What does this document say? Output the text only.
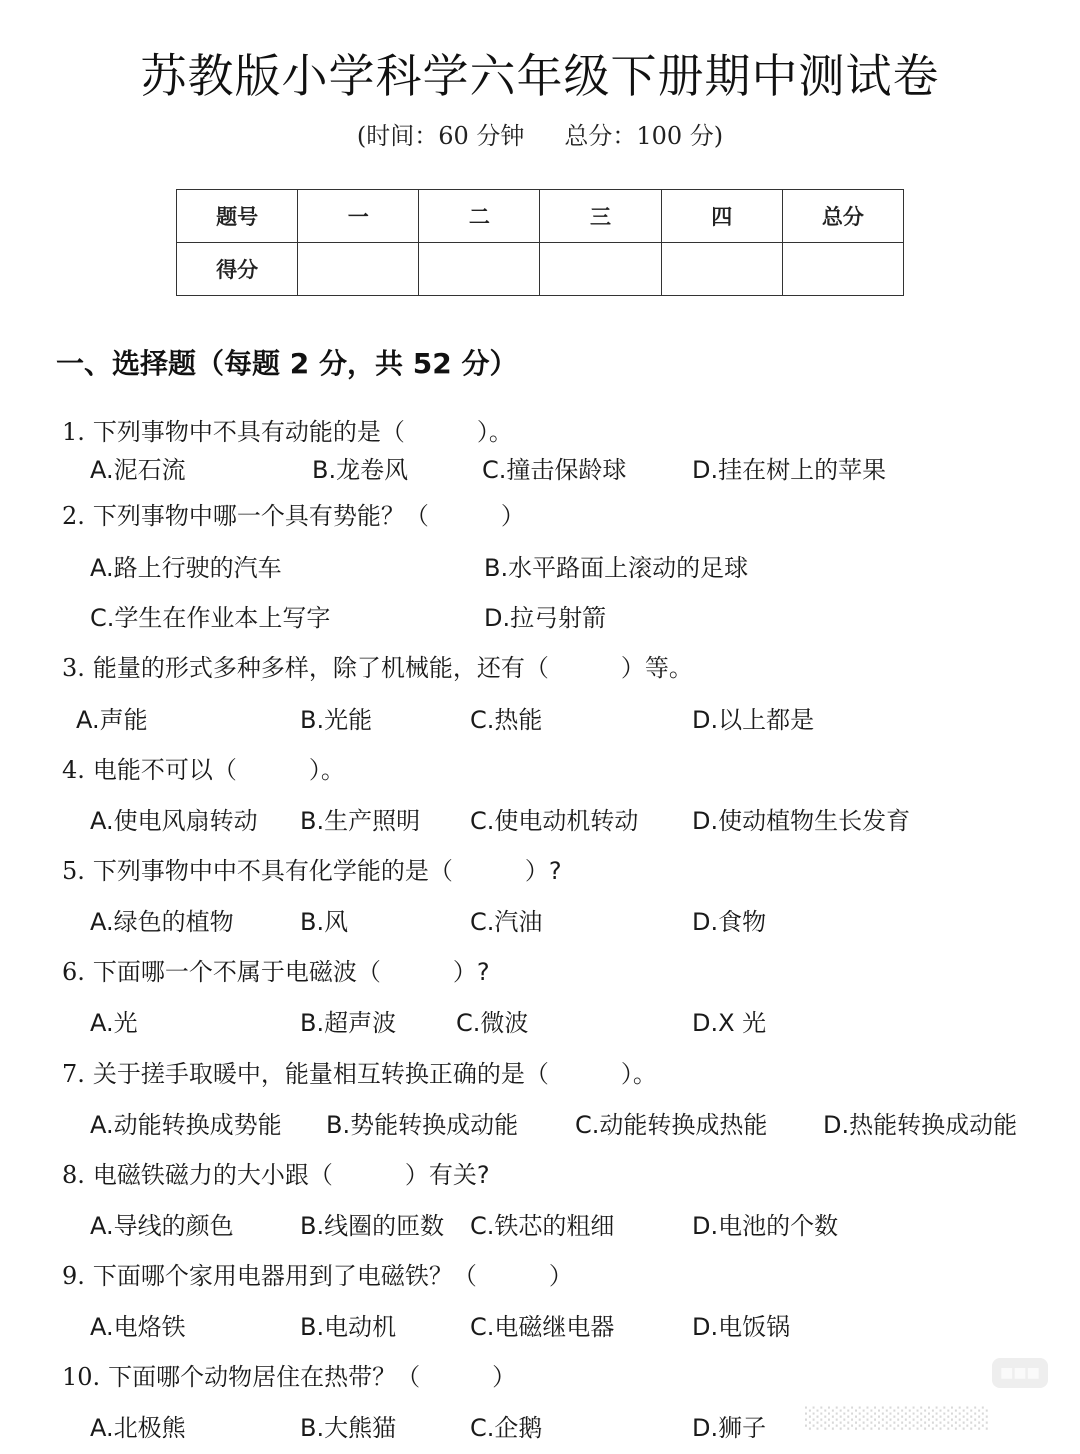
苏教版小学科学六年级下册期中测试卷
(时间：60 分钟 总分：100 分)
题号	一	二	三	四	总分
得分					
一、选择题（每题 2 分，共 52 分）
1. 下列事物中不具有动能的是（　　　）。
A.泥石流	B.龙卷风	C.撞击保龄球	D.挂在树上的苹果
2. 下列事物中哪一个具有势能？（　　　）
A.路上行驶的汽车	B.水平路面上滚动的足球
C.学生在作业本上写字	D.拉弓射箭
3. 能量的形式多种多样，除了机械能，还有（　　　）等。
A.声能	B.光能	C.热能	D.以上都是
4. 电能不可以（　　　）。
A.使电风扇转动 B.生产照明 C.使电动机转动 D.使动植物生长发育
5. 下列事物中中不具有化学能的是（　　　）?
A.绿色的植物	B.风	C.汽油	D.食物
6. 下面哪一个不属于电磁波（　　　）?
A.光	B.超声波 C.微波	D.X 光
7. 关于搓手取暖中，能量相互转换正确的是（　　　）。
A.动能转换成势能 B.势能转换成动能 C.动能转换成热能 D.热能转换成动能
8. 电磁铁磁力的大小跟（　　　）有关?
A.导线的颜色	B.线圈的匝数 C.铁芯的粗细	D.电池的个数
9. 下面哪个家用电器用到了电磁铁？（　　　）
A.电烙铁	B.电动机	C.电磁继电器	D.电饭锅
10. 下面哪个动物居住在热带？（　　　）
A.北极熊	B.大熊猫	C.企鹅	D.狮子
■■■
░░░░░░░░░░░░
